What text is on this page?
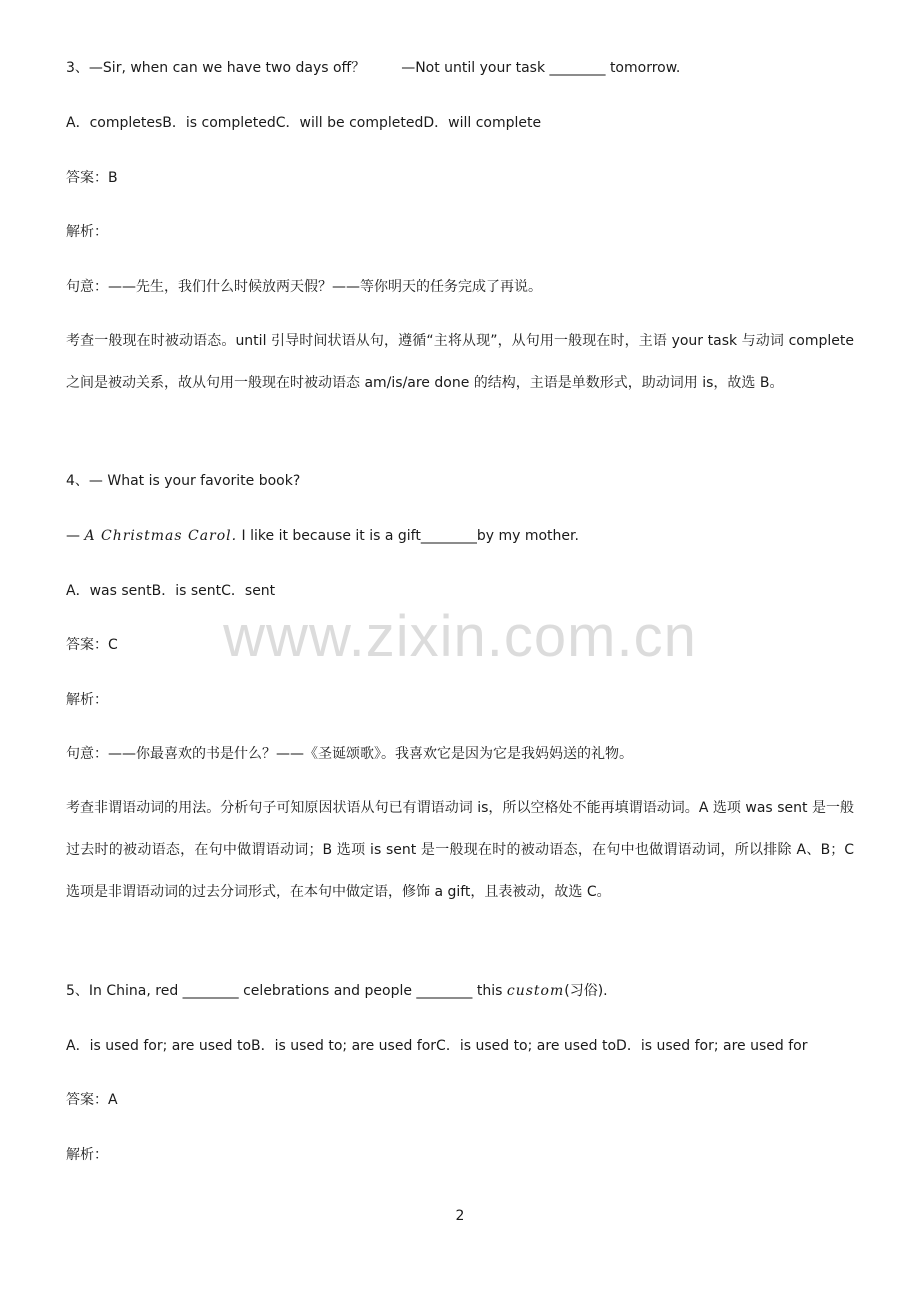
3、—Sir, when can we have two days off？	—Not until your task ________ tomorrow.
A．completesB．is completedC．will be completedD．will complete
答案：B
解析：
句意：——先生，我们什么时候放两天假？——等你明天的任务完成了再说。
考查一般现在时被动语态。until 引导时间状语从句，遵循“主将从现”，从句用一般现在时，主语 your task 与动词 complete 之间是被动关系，故从句用一般现在时被动语态 am/is/are done 的结构，主语是单数形式，助动词用 is，故选 B。
4、— What is your favorite book?
— A Christmas Carol. I like it because it is a gift________by my mother.
A．was sentB．is sentC．sent
答案：C
解析：
句意：——你最喜欢的书是什么？——《圣诞颂歌》。我喜欢它是因为它是我妈妈送的礼物。
考查非谓语动词的用法。分析句子可知原因状语从句已有谓语动词 is，所以空格处不能再填谓语动词。A 选项 was sent 是一般过去时的被动语态，在句中做谓语动词；B 选项 is sent 是一般现在时的被动语态，在句中也做谓语动词，所以排除 A、B；C 选项是非谓语动词的过去分词形式，在本句中做定语，修饰 a gift，且表被动，故选 C。
5、In China, red ________ celebrations and people ________ this custom(习俗).
A．is used for; are used toB．is used to; are used forC．is used to; are used toD．is used for; are used for
答案：A
解析：
www.zixin.com.cn
2
